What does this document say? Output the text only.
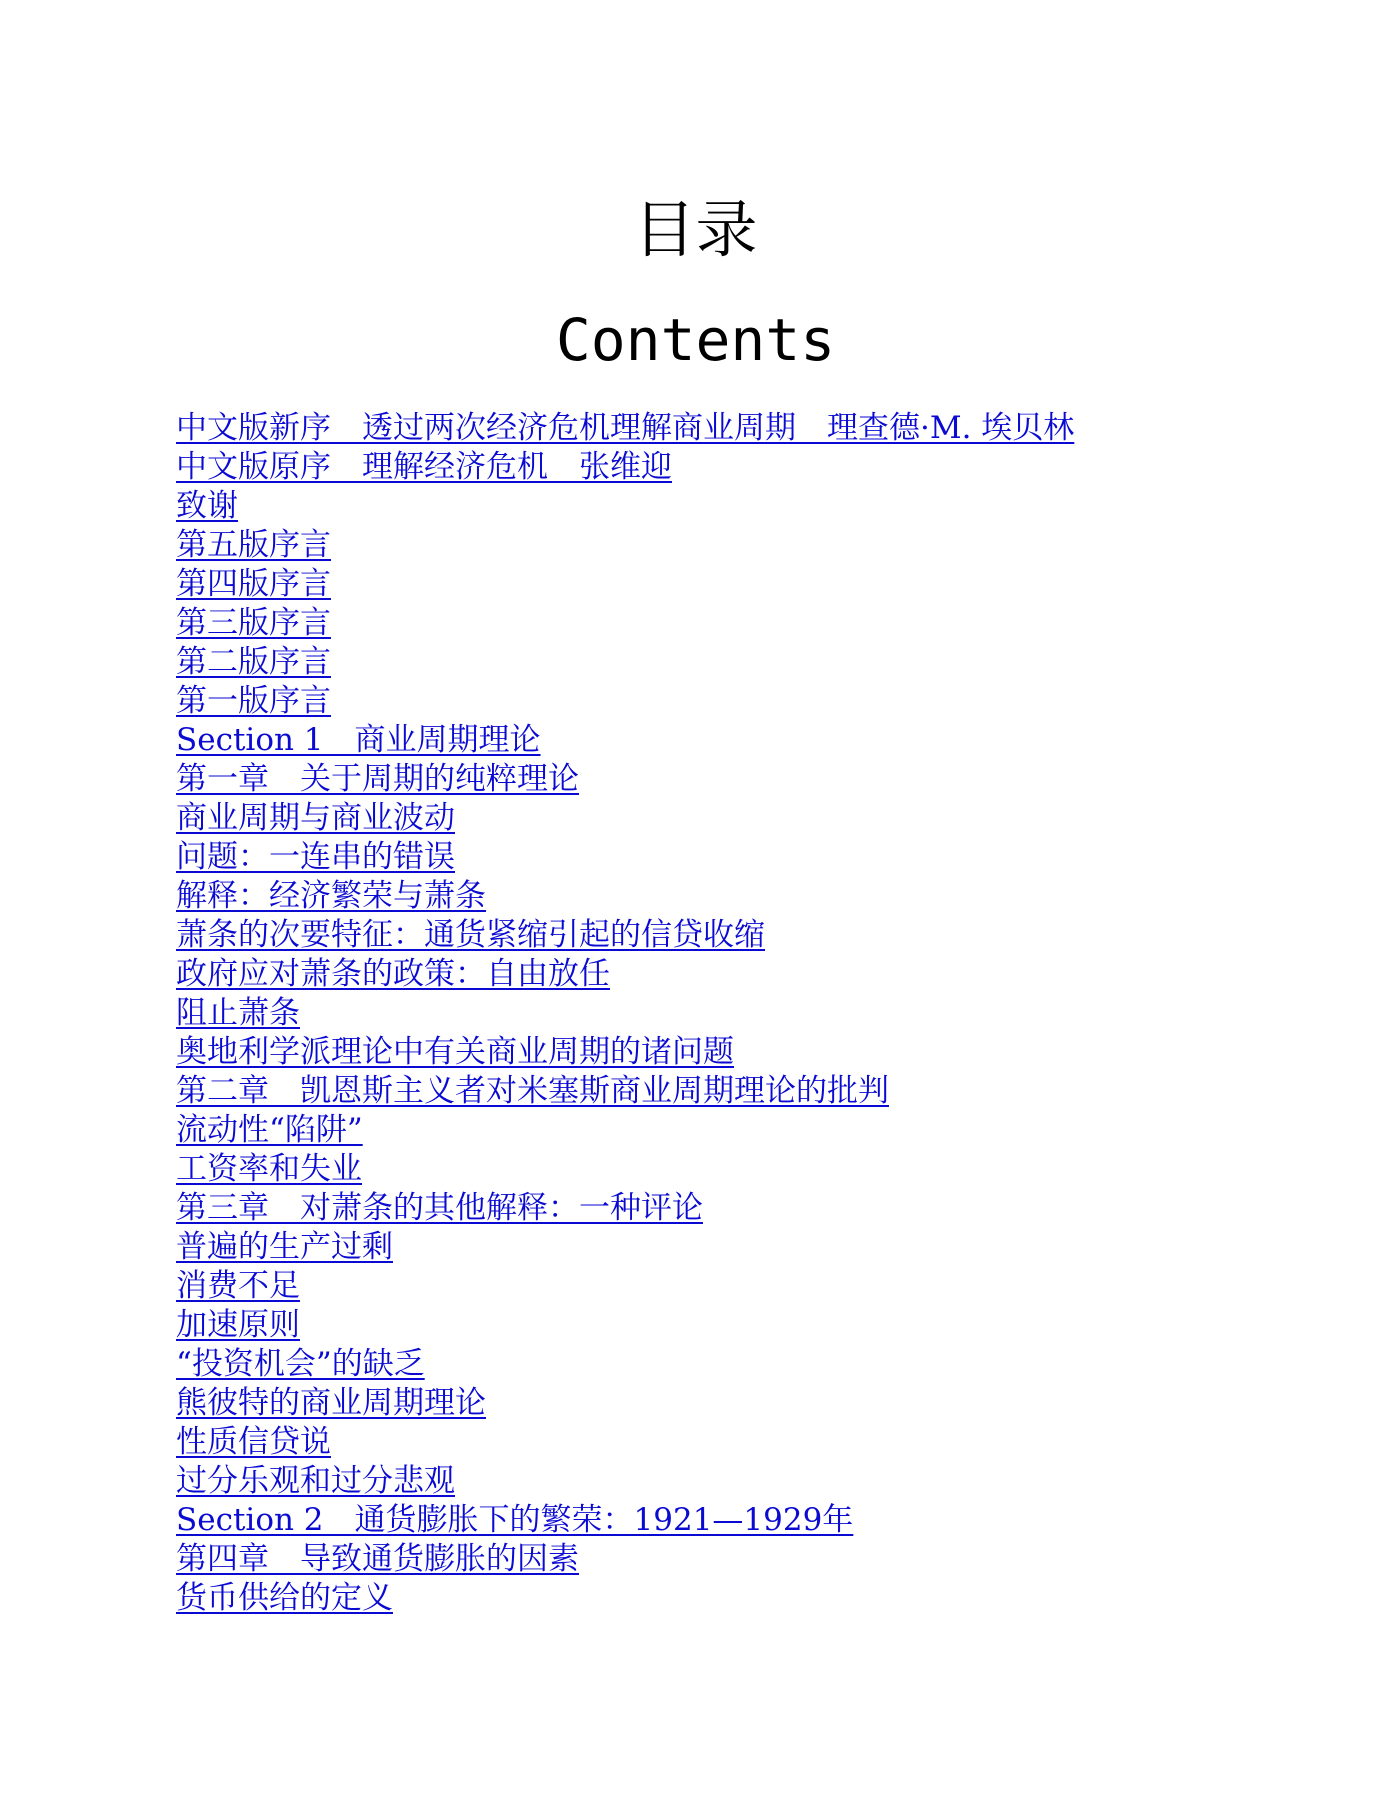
目录
Contents
中文版新序　透过两次经济危机理解商业周期　理查德·M. 埃贝林
中文版原序　理解经济危机　张维迎
致谢
第五版序言
第四版序言
第三版序言
第二版序言
第一版序言
Section 1　商业周期理论
第一章　关于周期的纯粹理论
商业周期与商业波动
问题：一连串的错误
解释：经济繁荣与萧条
萧条的次要特征：通货紧缩引起的信贷收缩
政府应对萧条的政策：自由放任
阻止萧条
奥地利学派理论中有关商业周期的诸问题
第二章　凯恩斯主义者对米塞斯商业周期理论的批判
流动性“陷阱”
工资率和失业
第三章　对萧条的其他解释：一种评论
普遍的生产过剩
消费不足
加速原则
“投资机会”的缺乏
熊彼特的商业周期理论
性质信贷说
过分乐观和过分悲观
Section 2　通货膨胀下的繁荣：1921—1929年
第四章　导致通货膨胀的因素
货币供给的定义
